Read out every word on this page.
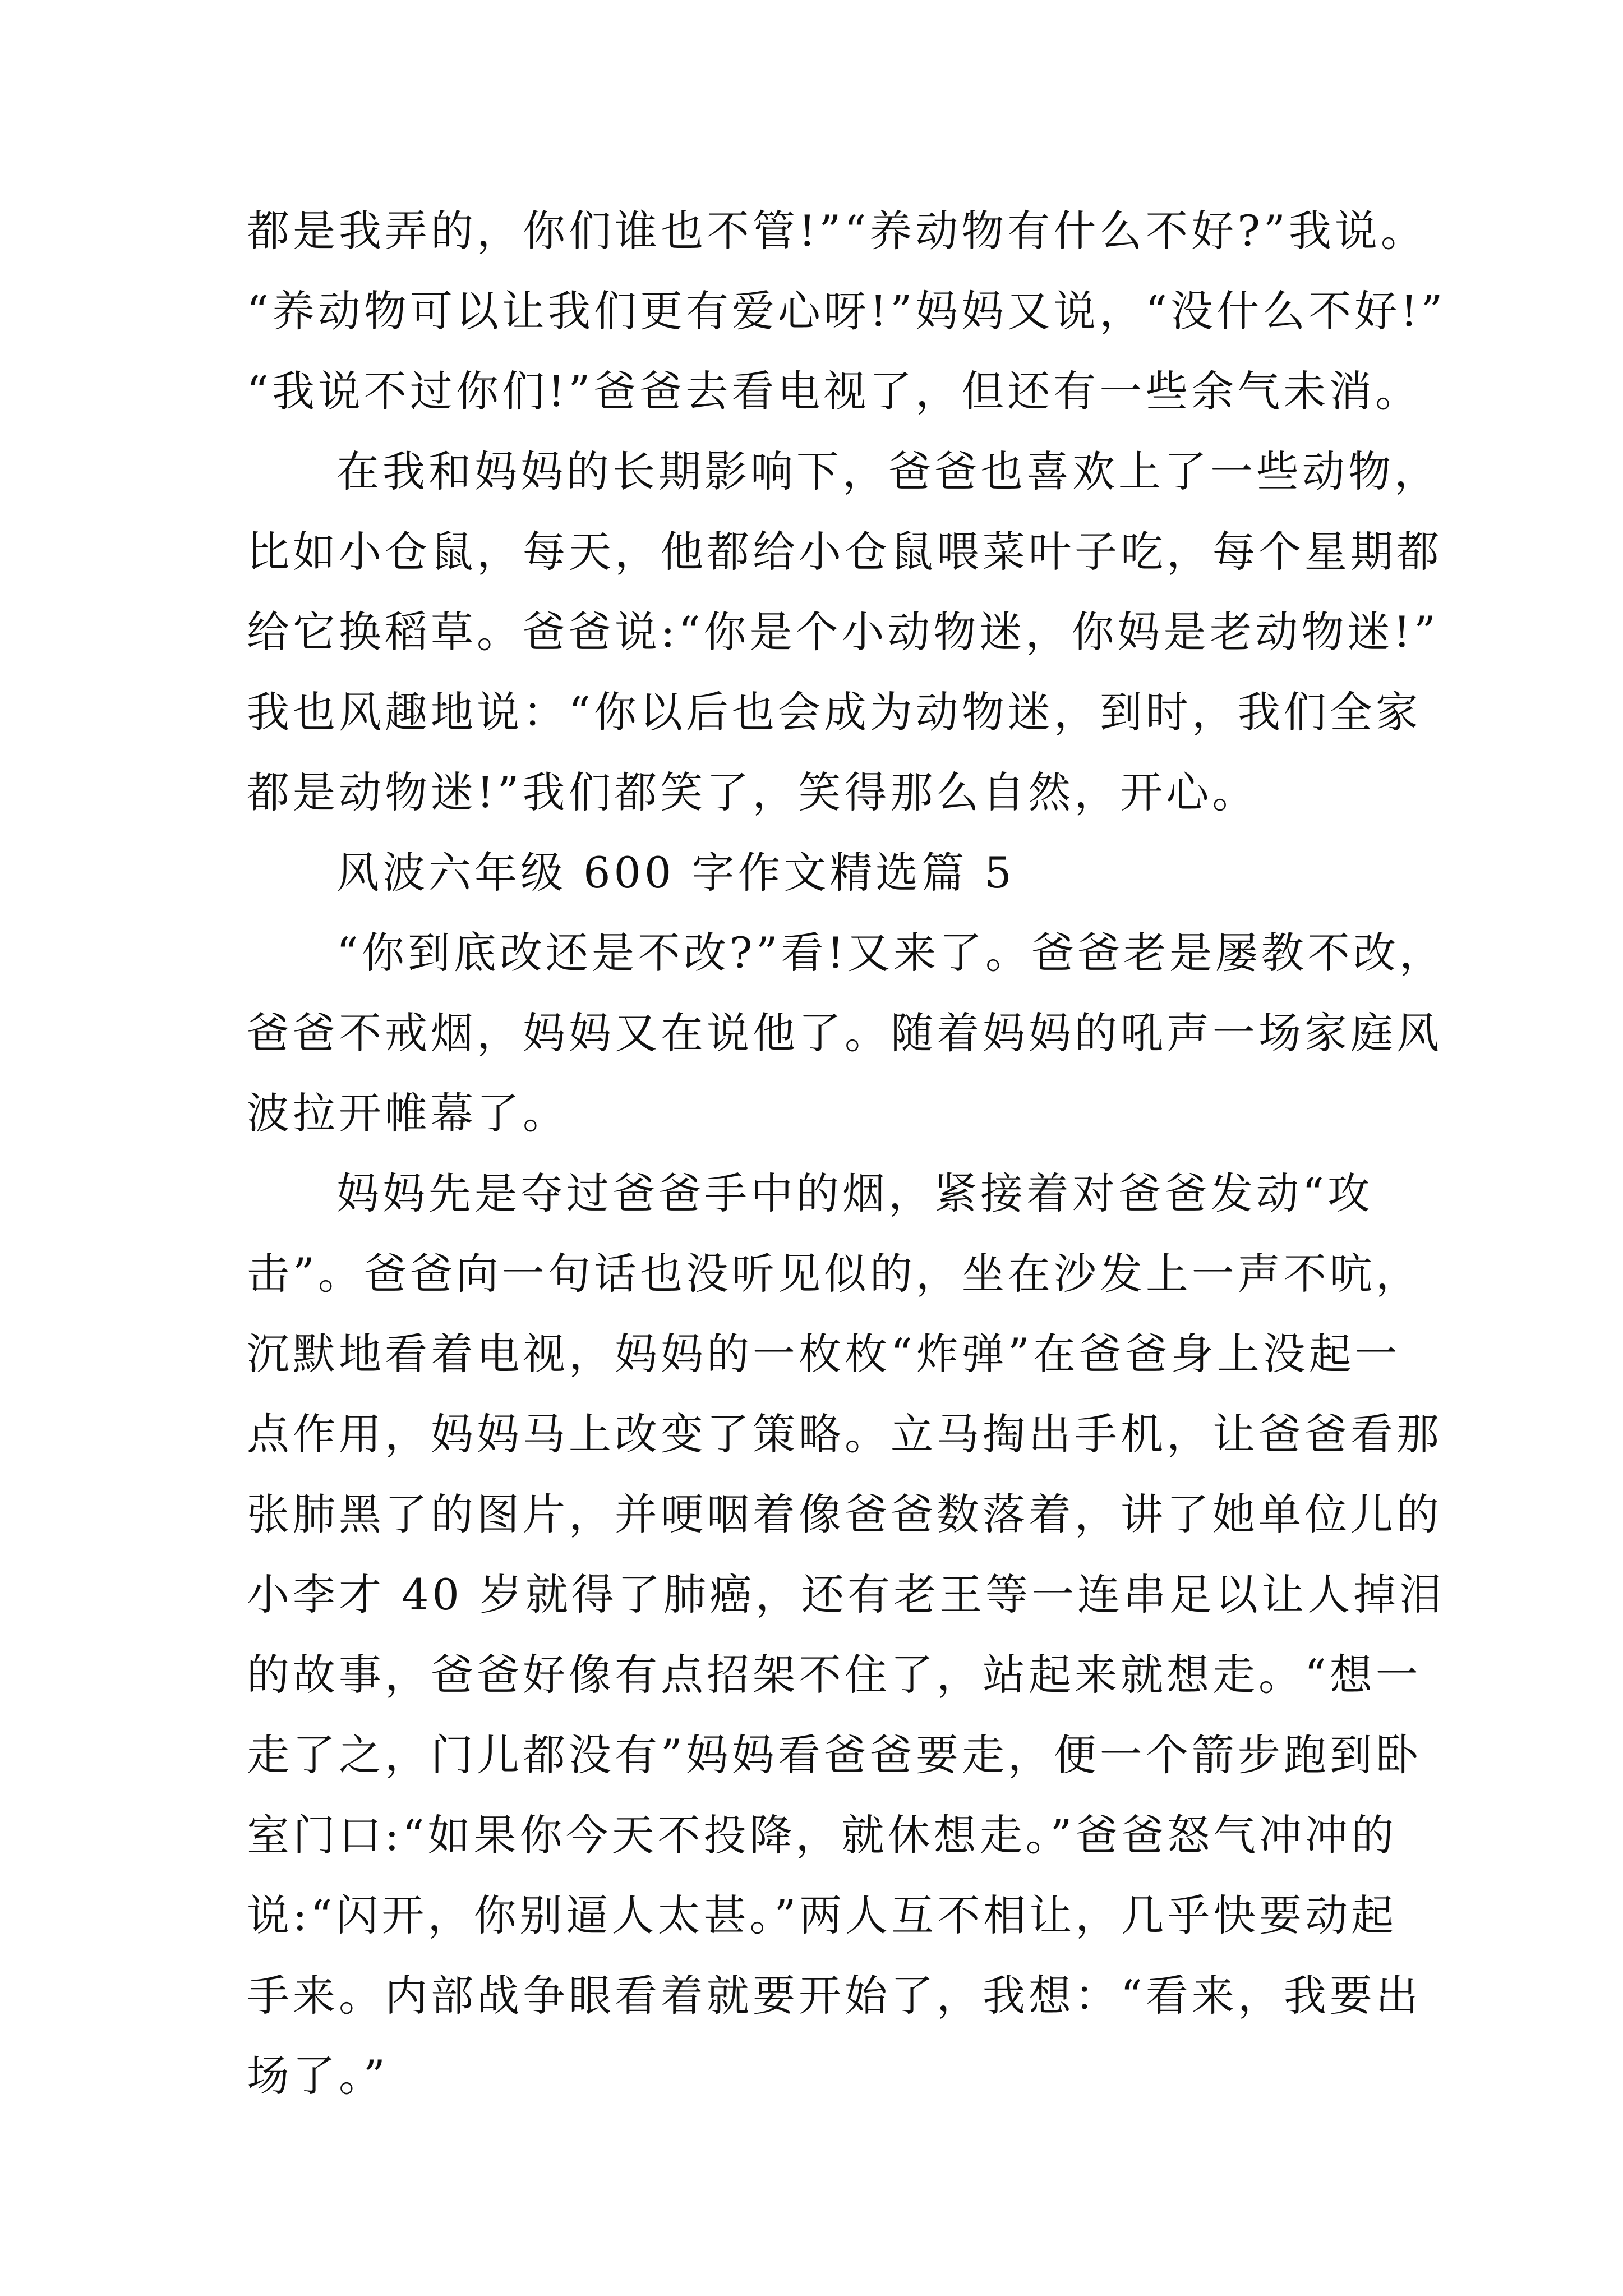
都是我弄的，你们谁也不管!”“养动物有什么不好?”我说。
“养动物可以让我们更有爱心呀!”妈妈又说，“没什么不好!”
“我说不过你们!”爸爸去看电视了，但还有一些余气未消。
在我和妈妈的长期影响下，爸爸也喜欢上了一些动物，
比如小仓鼠，每天，他都给小仓鼠喂菜叶子吃，每个星期都
给它换稻草。爸爸说:“你是个小动物迷，你妈是老动物迷!”
我也风趣地说：“你以后也会成为动物迷，到时，我们全家
都是动物迷!”我们都笑了，笑得那么自然，开心。
风波六年级 600 字作文精选篇 5
“你到底改还是不改?”看!又来了。爸爸老是屡教不改，
爸爸不戒烟，妈妈又在说他了。随着妈妈的吼声一场家庭风
波拉开帷幕了。
妈妈先是夺过爸爸手中的烟，紧接着对爸爸发动“攻
击”。爸爸向一句话也没听见似的，坐在沙发上一声不吭，
沉默地看着电视，妈妈的一枚枚“炸弹”在爸爸身上没起一
点作用，妈妈马上改变了策略。立马掏出手机，让爸爸看那
张肺黑了的图片，并哽咽着像爸爸数落着，讲了她单位儿的
小李才 40 岁就得了肺癌，还有老王等一连串足以让人掉泪
的故事，爸爸好像有点招架不住了，站起来就想走。“想一
走了之，门儿都没有”妈妈看爸爸要走，便一个箭步跑到卧
室门口:“如果你今天不投降，就休想走。”爸爸怒气冲冲的
说:“闪开，你别逼人太甚。”两人互不相让，几乎快要动起
手来。内部战争眼看着就要开始了，我想：“看来，我要出
场了。”
